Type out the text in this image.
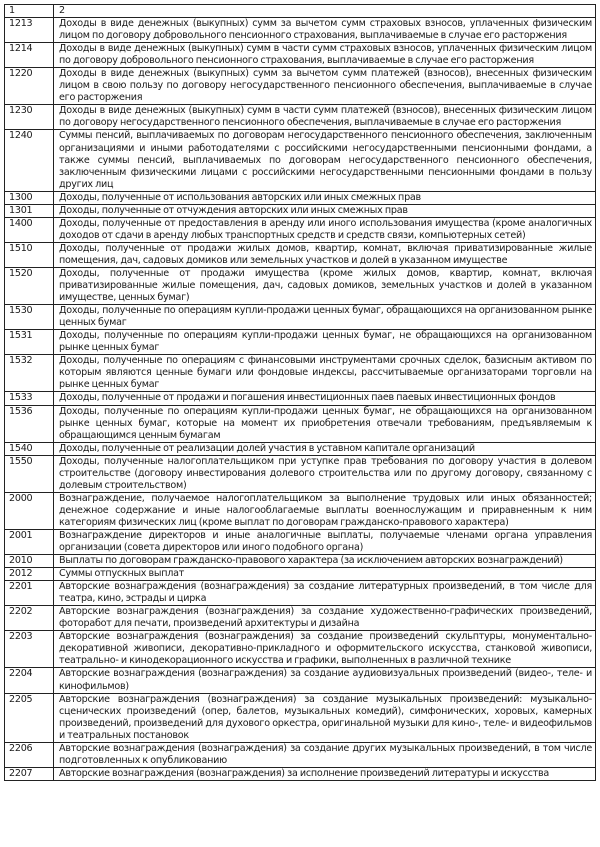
1	2
1213	Доходы в виде денежных (выкупных) сумм за вычетом сумм страховых взносов, уплаченных физическим лицом по договору добровольного пенсионного страхования, выплачиваемые в случае его расторжения
1214	Доходы в виде денежных (выкупных) сумм в части сумм страховых взносов, уплаченных физическим лицом по договору добровольного пенсионного страхования, выплачиваемые в случае его расторжения
1220	Доходы в виде денежных (выкупных) сумм за вычетом сумм платежей (взносов), внесенных физическим лицом в свою пользу по договору негосударственного пенсионного обеспечения, выплачиваемые в случае его расторжения
1230	Доходы в виде денежных (выкупных) сумм в части сумм платежей (взносов), внесенных физическим лицом по договору негосударственного пенсионного обеспечения, выплачиваемые в случае его расторжения
1240	Суммы пенсий, выплачиваемых по договорам негосударственного пенсионного обеспечения, заключенным организациями и иными работодателями с российскими негосударственными пенсионными фондами, а также суммы пенсий, выплачиваемых по договорам негосударственного пенсионного обеспечения, заключенным физическими лицами с российскими негосударственными пенсионными фондами в пользу других лиц
1300	Доходы, полученные от использования авторских или иных смежных прав
1301	Доходы, полученные от отчуждения авторских или иных смежных прав
1400	Доходы, полученные от предоставления в аренду или иного использования имущества (кроме аналогичных доходов от сдачи в аренду любых транспортных средств и средств связи, компьютерных сетей)
1510	Доходы, полученные от продажи жилых домов, квартир, комнат, включая приватизированные жилые помещения, дач, садовых домиков или земельных участков и долей в указанном имуществе
1520	Доходы, полученные от продажи имущества (кроме жилых домов, квартир, комнат, включая приватизированные жилые помещения, дач, садовых домиков, земельных участков и долей в указанном имуществе, ценных бумаг)
1530	Доходы, полученные по операциям купли-продажи ценных бумаг, обращающихся на организованном рынке ценных бумаг
1531	Доходы, полученные по операциям купли-продажи ценных бумаг, не обращающихся на организованном рынке ценных бумаг
1532	Доходы, полученные по операциям с финансовыми инструментами срочных сделок, базисным активом по которым являются ценные бумаги или фондовые индексы, рассчитываемые организаторами торговли на рынке ценных бумаг
1533	Доходы, полученные от продажи и погашения инвестиционных паев паевых инвестиционных фондов
1536	Доходы, полученные по операциям купли-продажи ценных бумаг, не обращающихся на организованном рынке ценных бумаг, которые на момент их приобретения отвечали требованиям, предъявляемым к обращающимся ценным бумагам
1540	Доходы, полученные от реализации долей участия в уставном капитале организаций
1550	Доходы, полученные налогоплательщиком при уступке прав требования по договору участия в долевом строительстве (договору инвестирования долевого строительства или по другому договору, связанному с долевым строительством)
2000	Вознаграждение, получаемое налогоплательщиком за выполнение трудовых или иных обязанностей; денежное содержание и иные налогооблагаемые выплаты военнослужащим и приравненным к ним категориям физических лиц (кроме выплат по договорам гражданско-правового характера)
2001	Вознаграждение директоров и иные аналогичные выплаты, получаемые членами органа управления организации (совета директоров или иного подобного органа)
2010	Выплаты по договорам гражданско-правового характера (за исключением авторских вознаграждений)
2012	Суммы отпускных выплат
2201	Авторские вознаграждения (вознаграждения) за создание литературных произведений, в том числе для театра, кино, эстрады и цирка
2202	Авторские вознаграждения (вознаграждения) за создание художественно-графических произведений, фоторабот для печати, произведений архитектуры и дизайна
2203	Авторские вознаграждения (вознаграждения) за создание произведений скульптуры, монументально-декоративной живописи, декоративно-прикладного и оформительского искусства, станковой живописи, театрально- и кинодекорационного искусства и графики, выполненных в различной технике
2204	Авторские вознаграждения (вознаграждения) за создание аудиовизуальных произведений (видео-, теле- и кинофильмов)
2205	Авторские вознаграждения (вознаграждения) за создание музыкальных произведений: музыкально-сценических произведений (опер, балетов, музыкальных комедий), симфонических, хоровых, камерных произведений, произведений для духового оркестра, оригинальной музыки для кино-, теле- и видеофильмов и театральных постановок
2206	Авторские вознаграждения (вознаграждения) за создание других музыкальных произведений, в том числе подготовленных к опубликованию
2207	Авторские вознаграждения (вознаграждения) за исполнение произведений литературы и искусства
